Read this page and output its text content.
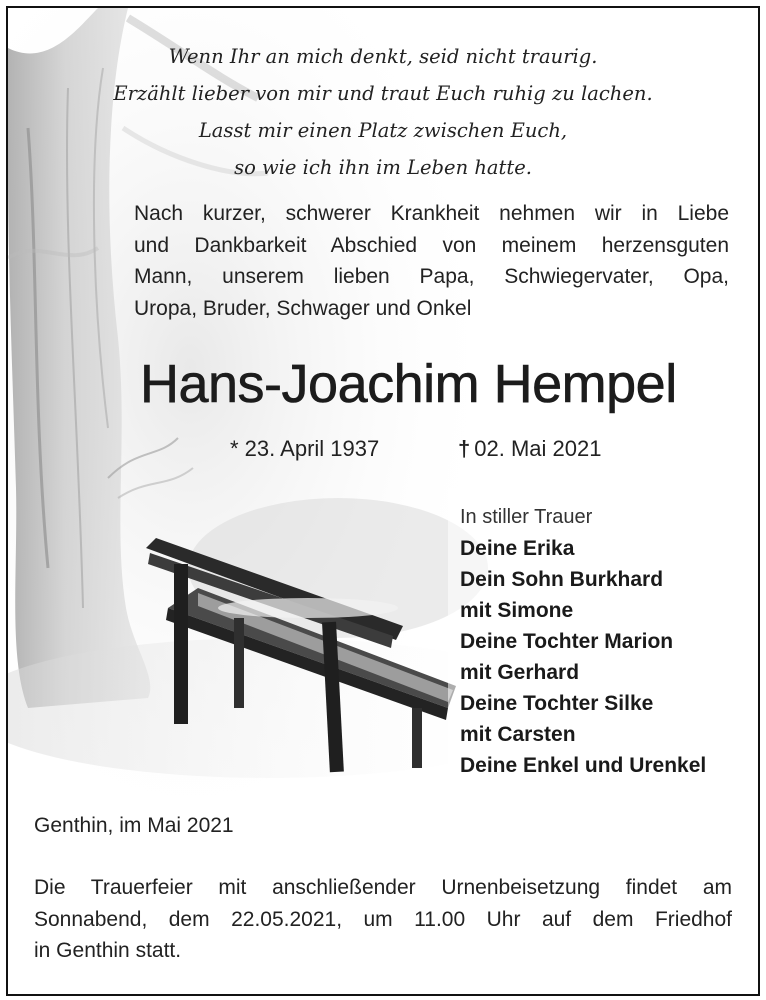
Wenn Ihr an mich denkt, seid nicht traurig.
Erzählt lieber von mir und traut Euch ruhig zu lachen.
Lasst mir einen Platz zwischen Euch,
so wie ich ihn im Leben hatte.
Nach kurzer, schwerer Krankheit nehmen wir in Liebe
und Dankbarkeit Abschied von meinem herzensguten
Mann, unserem lieben Papa, Schwiegervater, Opa,
Uropa, Bruder, Schwager und Onkel
Hans-Joachim Hempel
* 23. April 1937	† 02. Mai 2021
In stiller Trauer
Deine Erika
Dein Sohn Burkhard
mit Simone
Deine Tochter Marion
mit Gerhard
Deine Tochter Silke
mit Carsten
Deine Enkel und Urenkel
Genthin, im Mai 2021
Die Trauerfeier mit anschließender Urnenbeisetzung findet am
Sonnabend, dem 22.05.2021, um 11.00 Uhr auf dem Friedhof
in Genthin statt.
